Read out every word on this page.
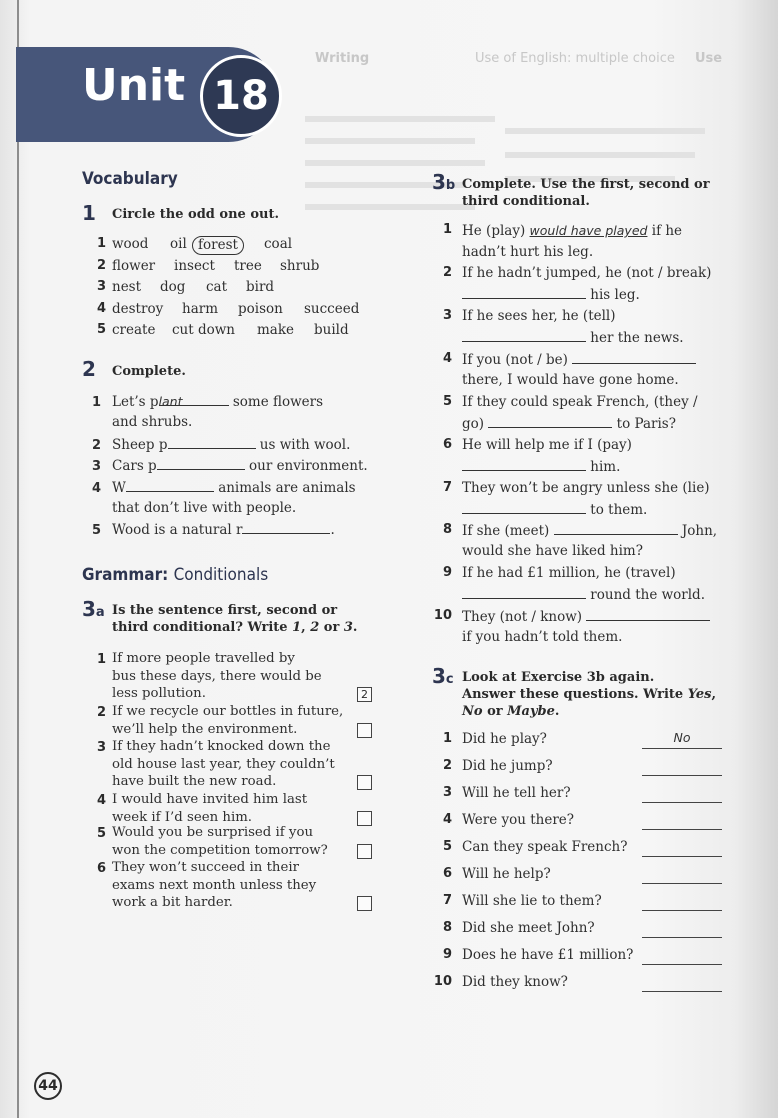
Writing	Use of English: multiple choice Use
Unit 18
Vocabulary
1 Circle the odd one out.
1 wood oil forest	coal
2 flower insect tree shrub
3 nest dog cat bird
4 destroy harm poison succeed
5 create cut down make build
2 Complete.
1 Let’s plant	some flowers
and shrubs.
2 Sheep p	us with wool.
3 Cars p	our environment.
4 W	animals are animals
that don’t live with people.
5 Wood is a natural r	.
Grammar: Conditionals
3a Is the sentence first, second or
third conditional? Write 1, 2 or 3.
1 If more people travelled by
bus these days, there would be
less pollution.	2
2 If we recycle our bottles in future,
we’ll help the environment.
3 If they hadn’t knocked down the
old house last year, they couldn’t
have built the new road.
4 I would have invited him last
week if I’d seen him.
5 Would you be surprised if you
won the competition tomorrow?
6 They won’t succeed in their
exams next month unless they
work a bit harder.
3b Complete. Use the first, second or
third conditional.
1 He (play) would have played if he
hadn’t hurt his leg.
2 If he hadn’t jumped, he (not / break)
his leg.
3 If he sees her, he (tell)
her the news.
4 If you (not / be)
there, I would have gone home.
5 If they could speak French, (they /
go)	to Paris?
6 He will help me if I (pay)
him.
7 They won’t be angry unless she (lie)
to them.
8 If she (meet)	John,
would she have liked him?
9 If he had £1 million, he (travel)
round the world.
10 They (not / know)
if you hadn’t told them.
3c Look at Exercise 3b again.
Answer these questions. Write Yes,
No or Maybe.
1 Did he play?	No
2 Did he jump?
3 Will he tell her?
4 Were you there?
5 Can they speak French?
6 Will he help?
7 Will she lie to them?
8 Did she meet John?
9 Does he have £1 million?
10 Did they know?
44
